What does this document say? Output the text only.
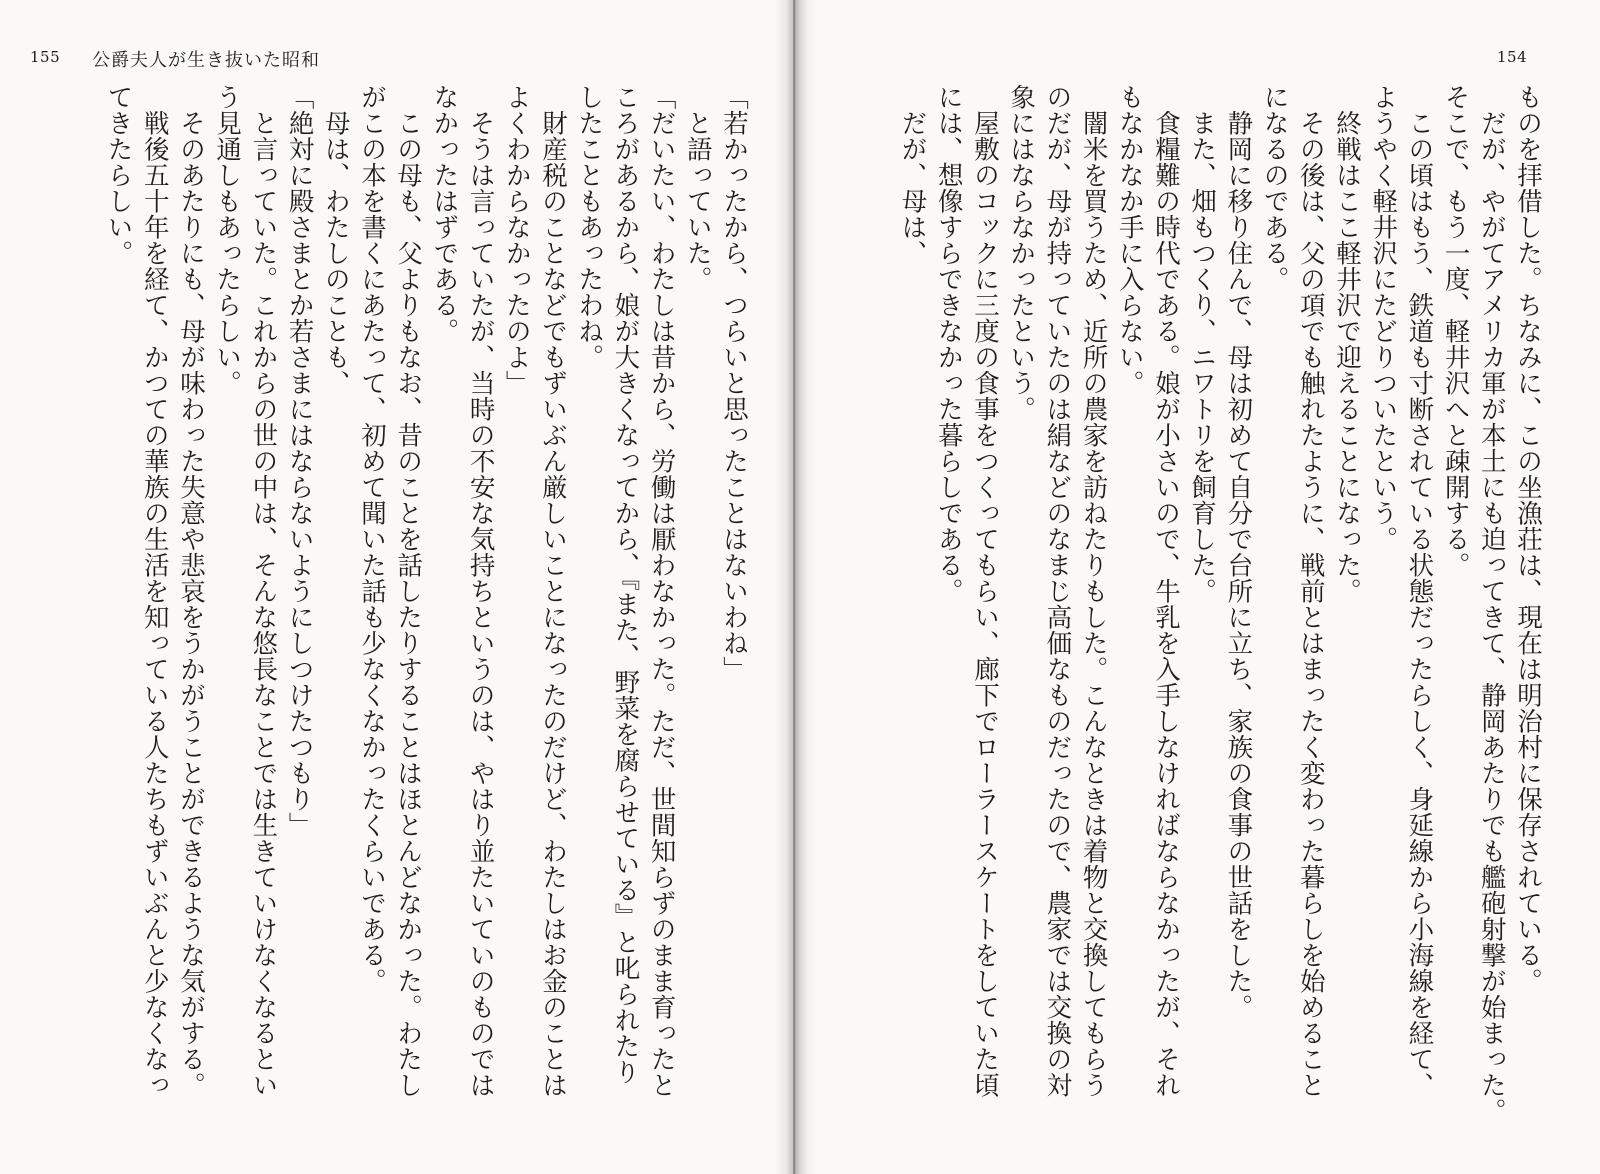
155 公爵夫人が生き抜いた昭和
「若かったから、つらいと思ったことはないわね」
と語っていた。
「だいたい、わたしは昔から、労働は厭わなかった。ただ、世間知らずのまま育ったと
ころがあるから、娘が大きくなってから、『また、野菜を腐らせている』と叱られたり
したこともあったわね。
財産税のことなどでもずいぶん厳しいことになったのだけど、わたしはお金のことは
よくわからなかったのよ」
そうは言っていたが、当時の不安な気持ちというのは、やはり並たいていのものでは
なかったはずである。
この母も、父よりもなお、昔のことを話したりすることはほとんどなかった。わたし
がこの本を書くにあたって、初めて聞いた話も少なくなかったくらいである。
母は、わたしのことも、
「絶対に殿さまとか若さまにはならないようにしつけたつもり」
と言っていた。これからの世の中は、そんな悠長なことでは生きていけなくなるとい
う見通しもあったらしい。
そのあたりにも、母が味わった失意や悲哀をうかがうことができるような気がする。
戦後五十年を経て、かつての華族の生活を知っている人たちもずいぶんと少なくなっ
てきたらしい。
154
ものを拝借した。ちなみに、この坐漁荘は、現在は明治村に保存されている。
だが、やがてアメリカ軍が本土にも迫ってきて、静岡あたりでも艦砲射撃が始まった。
そこで、もう一度、軽井沢へと疎開する。
この頃はもう、鉄道も寸断されている状態だったらしく、身延線から小海線を経て、
ようやく軽井沢にたどりついたという。
終戦はここ軽井沢で迎えることになった。
その後は、父の項でも触れたように、戦前とはまったく変わった暮らしを始めること
になるのである。
静岡に移り住んで、母は初めて自分で台所に立ち、家族の食事の世話をした。
また、畑もつくり、ニワトリを飼育した。
食糧難の時代である。娘が小さいので、牛乳を入手しなければならなかったが、それ
もなかなか手に入らない。
闇米を買うため、近所の農家を訪ねたりもした。こんなときは着物と交換してもらう
のだが、母が持っていたのは絹などのなまじ高価なものだったので、農家では交換の対
象にはならなかったという。
屋敷のコックに三度の食事をつくってもらい、廊下でローラースケートをしていた頃
には、想像すらできなかった暮らしである。
だが、母は、
